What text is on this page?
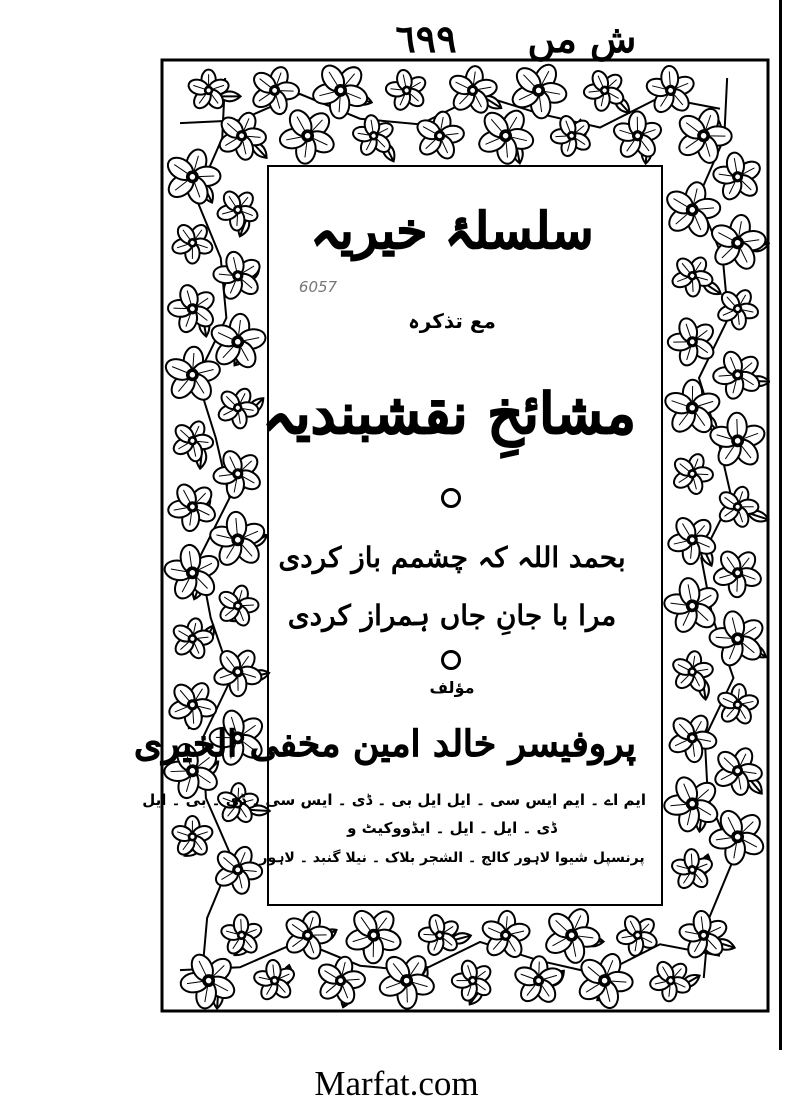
٦٩٩	ش مں
سلسلۂ خیریہ
6057
مع تذکرہ
مشائخِ نقشبندیہ
بحمد اللہ کہ چشمم باز کردی
مرا با جانِ جاں ہمراز کردی
مؤلف
پروفیسر خالد امین مخفی الخیری
ایم اے ۔ ایم ایس سی ۔ ایل ایل بی ۔ ڈی ۔ ایس سی ۔ ڈی ۔ بی ۔ ایل
ڈی ۔ ایل ۔ ایل ۔ ایڈووکیٹ و
پرنسپل شیوا لاہور کالج ۔ الشجر بلاک ۔ نیلا گنبد ۔ لاہور
Marfat.com
